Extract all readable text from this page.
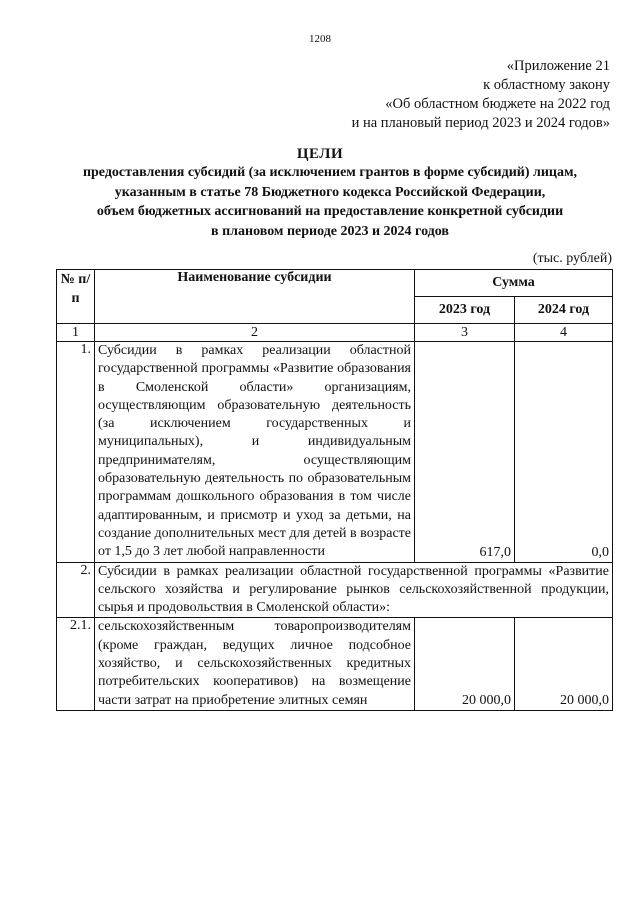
1208
«Приложение 21
к областному закону
«Об областном бюджете на 2022 год
и на плановый период 2023 и 2024 годов»
ЦЕЛИ
предоставления субсидий (за исключением грантов в форме субсидий) лицам,
указанным в статье 78 Бюджетного кодекса Российской Федерации,
объем бюджетных ассигнований на предоставление конкретной субсидии
в плановом периоде 2023 и 2024 годов
(тыс. рублей)
№ п/п	Наименование субсидии	Сумма	
		2023 год	2024 год
1	2	3	4
1.	Субсидии в рамках реализации областной государственной программы «Развитие образования в Смоленской области» организациям, осуществляющим образовательную деятельность (за исключением государственных и муниципальных), и индивидуальным предпринимателям, осуществляющим образовательную деятельность по образовательным программам дошкольного образования в том числе адаптированным, и присмотр и уход за детьми, на создание дополнительных мест для детей в возрасте от 1,5 до 3 лет любой направленности	617,0	0,0
2.	Субсидии в рамках реализации областной государственной программы «Развитие сельского хозяйства и регулирование рынков сельскохозяйственной продукции, сырья и продовольствия в Смоленской области»:		
2.1.	сельскохозяйственным товаропроизводителям (кроме граждан, ведущих личное подсобное хозяйство, и сельскохозяйственных кредитных потребительских кооперативов) на возмещение части затрат на приобретение элитных семян	20 000,0	20 000,0
